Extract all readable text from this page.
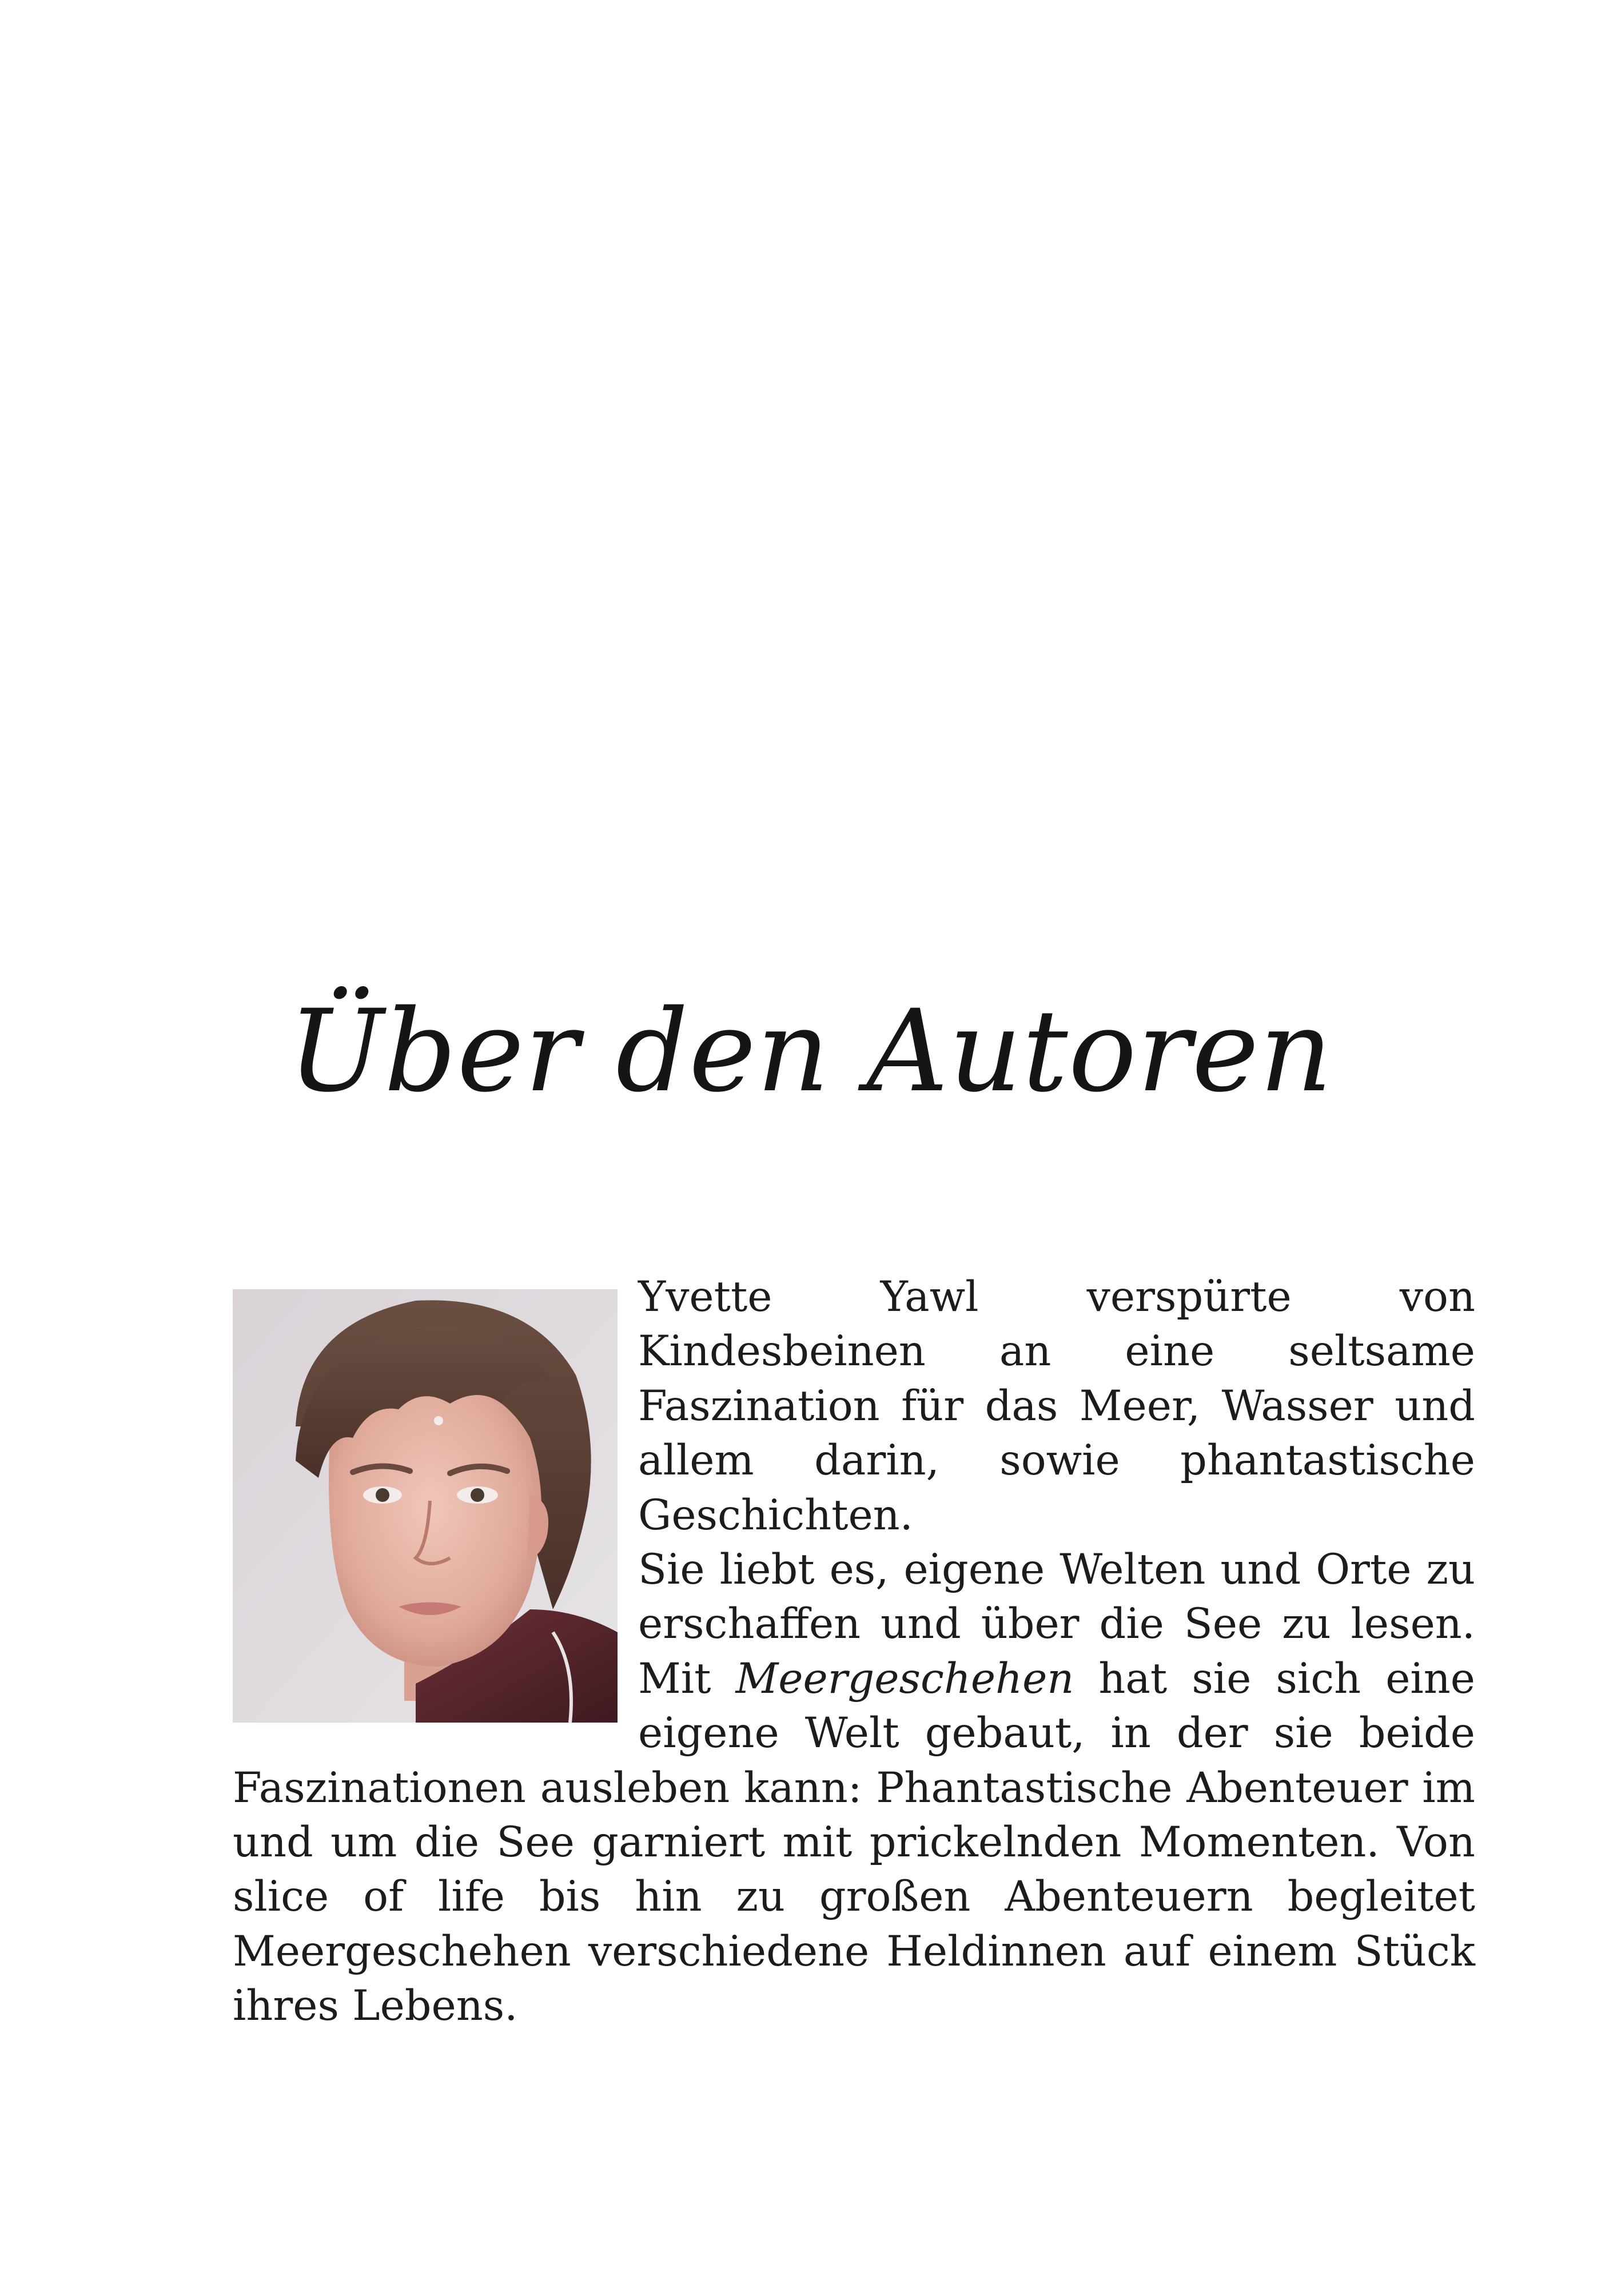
Über den Autoren
Yvette Yawl verspürte von Kindesbeinen an eine seltsame Faszination für das Meer, Wasser und allem darin, sowie phantastische Geschichten.
Sie liebt es, eigene Welten und Orte zu erschaffen und über die See zu lesen. Mit Meergeschehen hat sie sich eine eigene Welt gebaut, in der sie beide Faszinationen ausleben kann: Phantastische Abenteuer im und um die See garniert mit prickelnden Momenten. Von slice of life bis hin zu großen Abenteuern begleitet Meergeschehen verschiedene Heldinnen auf einem Stück ihres Lebens.
